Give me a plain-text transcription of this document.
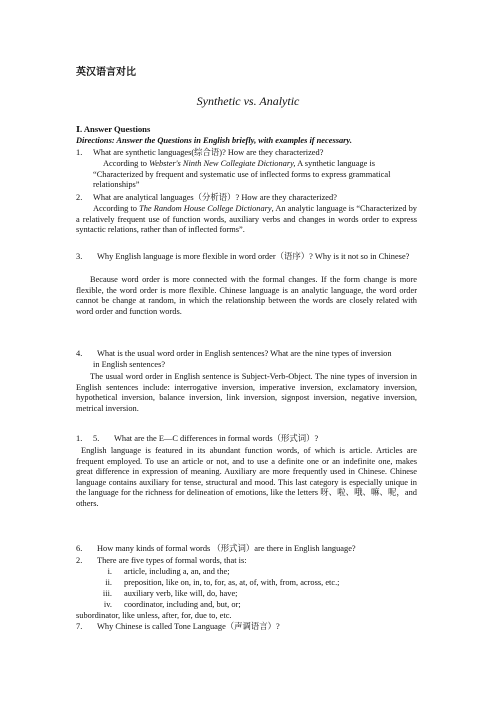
英汉语言对比
Synthetic vs. Analytic
Ⅰ. Answer Questions
Directions: Answer the Questions in English briefly, with examples if necessary.
1. What are synthetic languages(综合语)? How are they characterized?
According to Webster's Ninth New Collegiate Dictionary, A synthetic language is “Characterized by frequent and systematic use of inflected forms to express grammatical relationships”
2. What are analytical languages（分析语）? How are they characterized?
According to The Random House College Dictionary, An analytic language is “Characterized by a relatively frequent use of function words, auxiliary verbs and changes in words order to express syntactic relations, rather than of inflected forms”.
3.	Why English language is more flexible in word order（语序）? Why is it not so in Chinese?
Because word order is more connected with the formal changes. If the form change is more flexible, the word order is more flexible. Chinese language is an analytic language, the word order cannot be change at random, in which the relationship between the words are closely related with word order and function words.
4.	What is the usual word order in English sentences? What are the nine types of inversion in English sentences?
The usual word order in English sentence is Subject-Verb-Object. The nine types of inversion in English sentences include: interrogative inversion, imperative inversion, exclamatory inversion, hypothetical inversion, balance inversion, link inversion, signpost inversion, negative inversion, metrical inversion.
1. 5. What are the E—C differences in formal words（形式词）?
English language is featured in its abundant function words, of which is article. Articles are frequent employed. To use an article or not, and to use a definite one or an indefinite one, makes great difference in expression of meaning. Auxiliary are more frequently used in Chinese. Chinese language contains auxiliary for tense, structural and mood. This last category is especially unique in the language for the richness for delineation of emotions, like the letters 呀、啦、哦、嘛、呢，and others.
6.	How many kinds of formal words （形式词）are there in English language?
2. There are five types of formal words, that is:
i. article, including a, an, and the;
ii. preposition, like on, in, to, for, as, at, of, with, from, across, etc.;
iii. auxiliary verb, like will, do, have;
iv. coordinator, including and, but, or;
subordinator, like unless, after, for, due to, etc.
7.	Why Chinese is called Tone Language（声调语言）?
